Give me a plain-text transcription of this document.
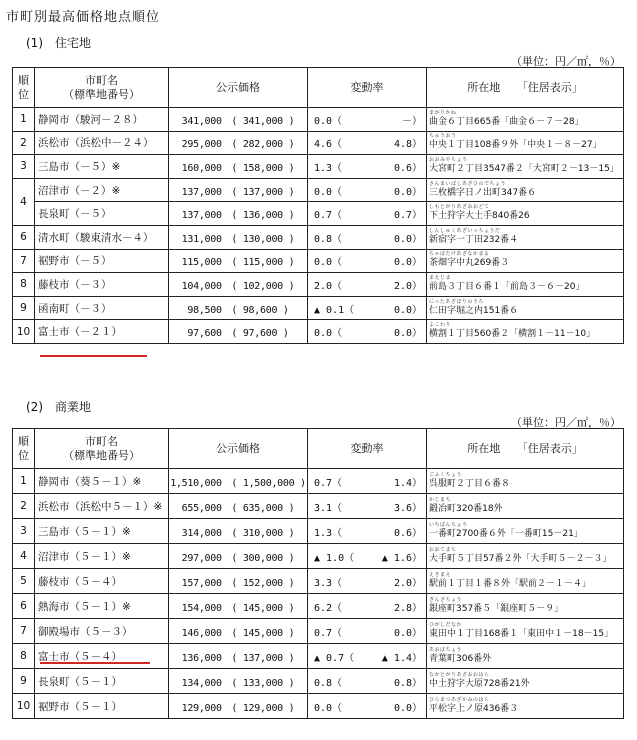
市町別最高価格地点順位
(1)　住宅地
（単位：円／㎡，％）
順
位	市町名
（標準地番号）	公示価格	変動率	所在地　　「住居表示」
1	静岡市（駿河－２８）	341,000　( 341,000 )	0.0（ －）	まがりかね
曲金６丁目665番「曲金６－７－28」

2	浜松市（浜松中－２４）	295,000　( 282,000 )	4.6（ 4.8）	ちゅうおう
中央１丁目108番９外「中央１－８－27」

3	三島市（－５）※	160,000　( 158,000 )	1.3（ 0.6）	おおみやちょう
大宮町２丁目3547番２「大宮町２－13－15」

4	沼津市（－２）※	137,000　( 137,000 )	0.0（ 0.0）	さんまいばしあざひのでちょう
三枚橋字日ノ出町347番６

	長泉町（－５）	137,000　( 136,000 )	0.7（ 0.7）	しもとがりあざおおどて
下土狩字大土手840番26

6	清水町（駿東清水－４）	131,000　( 130,000 )	0.8（ 0.0）	しんしゅくあざいっちょうだ
新宿字一丁田232番４

7	裾野市（－５）	115,000　( 115,000 )	0.0（ 0.0）	ちゃばたけあざなかまる
茶畑字中丸269番３

8	藤枝市（－３）	104,000　( 102,000 )	2.0（ 2.0）	まえじま
前島３丁目６番１「前島３－６－20」

9	函南町（－３）	98,500　( 98,600 )	▲ 0.1（ 0.0）	にったあざほりのうち
仁田字堀之内151番６

10	富士市（－２１）	97,600　( 97,600 )	0.0（ 0.0）	よこわり
横割１丁目560番２「横割１－11－10」
(2)　商業地
（単位：円／㎡，％）
順
位	市町名
（標準地番号）	公示価格	変動率	所在地　　「住居表示」
1	静岡市（葵５－１）※	1,510,000　( 1,500,000 )	0.7（ 1.4）	ごふくちょう
呉服町２丁目６番８

2	浜松市（浜松中５－１）※	655,000　( 635,000 )	3.1（ 3.6）	かじまち
鍛冶町320番18外

3	三島市（５－１）※	314,000　( 310,000 )	1.3（ 0.6）	いちばんちょう
一番町2700番６外「一番町15－21」

4	沼津市（５－１）※	297,000　( 300,000 )	▲ 1.0（ ▲ 1.6）	おおてまち
大手町５丁目57番２外「大手町５－２－３」

5	藤枝市（５－４）	157,000　( 152,000 )	3.3（ 2.0）	えきまえ
駅前１丁目１番８外「駅前２－１－４」

6	熱海市（５－１）※	154,000　( 145,000 )	6.2（ 2.8）	ぎんざちょう
銀座町357番５「銀座町５－９」

7	御殿場市（５－３）	146,000　( 145,000 )	0.7（ 0.0）	ひがしだなか
東田中１丁目168番１「東田中１－18－15」

8	富士市（５－４）	136,000　( 137,000 )	▲ 0.7（ ▲ 1.4）	あおばちょう
青葉町306番外

9	長泉町（５－１）	134,000　( 133,000 )	0.8（ 0.8）	なかとがりあざおおはら
中土狩字大原728番21外

10	裾野市（５－１）	129,000　( 129,000 )	0.0（ 0.0）	ひらまつあざかみのはら
平松字上ノ原436番３
